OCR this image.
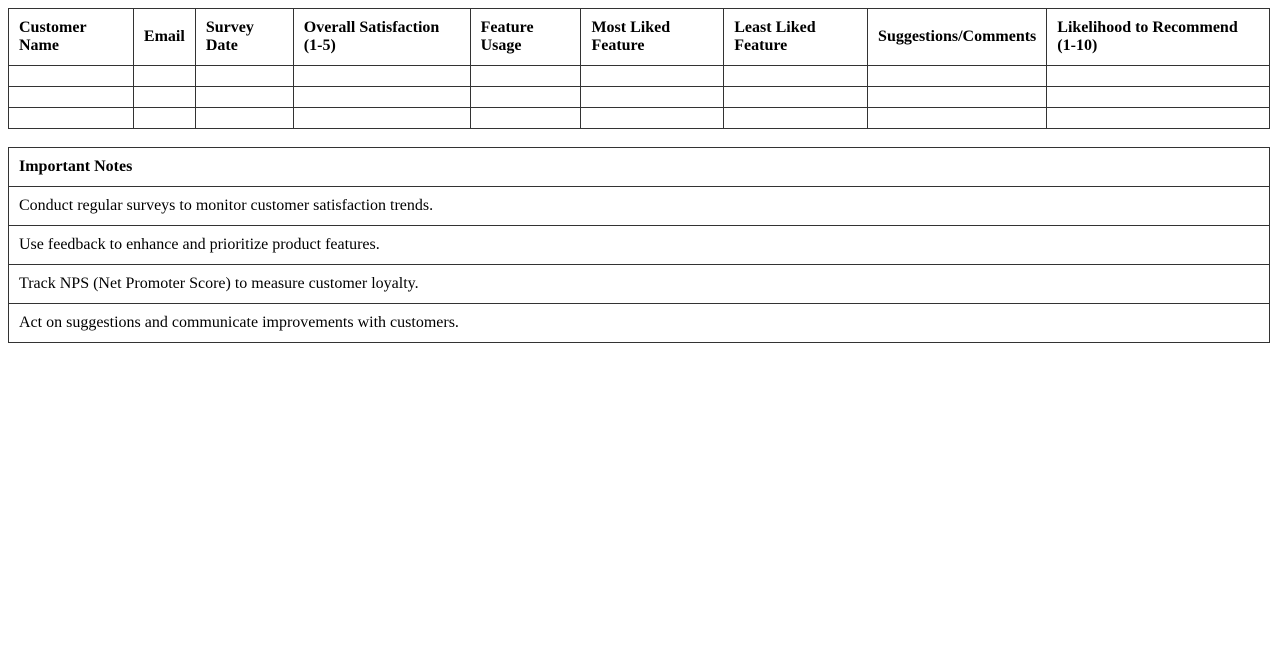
Customer Name	Email	Survey Date	Overall Satisfaction (1-5)	Feature Usage	Most Liked Feature	Least Liked Feature	Suggestions/Comments	Likelihood to Recommend (1-10)

Important Notes
Conduct regular surveys to monitor customer satisfaction trends.
Use feedback to enhance and prioritize product features.
Track NPS (Net Promoter Score) to measure customer loyalty.
Act on suggestions and communicate improvements with customers.
